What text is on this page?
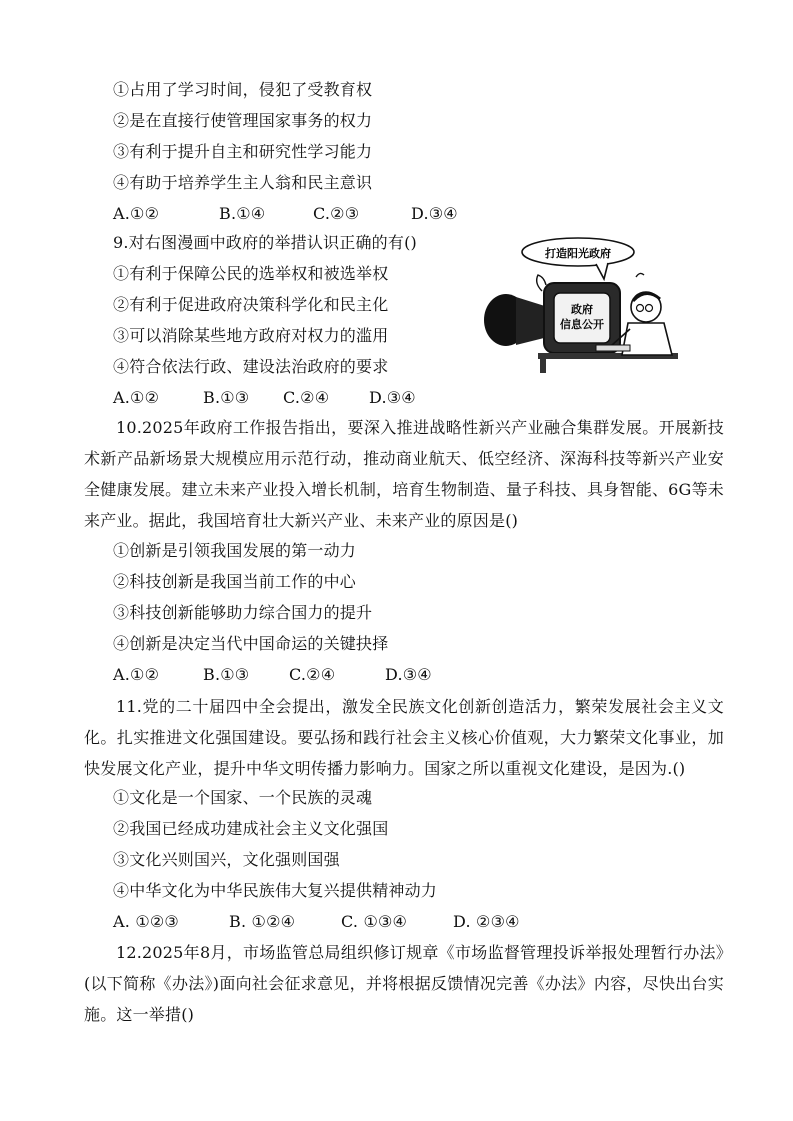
①占用了学习时间，侵犯了受教育权
②是在直接行使管理国家事务的权力
③有利于提升自主和研究性学习能力
④有助于培养学生主人翁和民主意识
A.①②	B.①④	C.②③	D.③④
9.对右图漫画中政府的举措认识正确的有()
①有利于保障公民的选举权和被选举权
②有利于促进政府决策科学化和民主化
③可以消除某些地方政府对权力的滥用
④符合依法行政、建设法治政府的要求
A.①②	B.①③ C.②④ D.③④
打造阳光政府
政府
信息公开
10.2025年政府工作报告指出，要深入推进战略性新兴产业融合集群发展。开展新技术新产品新场景大规模应用示范行动，推动商业航天、低空经济、深海科技等新兴产业安全健康发展。建立未来产业投入增长机制，培育生物制造、量子科技、具身智能、6G等未来产业。据此，我国培育壮大新兴产业、未来产业的原因是()
①创新是引领我国发展的第一动力
②科技创新是我国当前工作的中心
③科技创新能够助力综合国力的提升
④创新是决定当代中国命运的关键抉择
A.①②	B.①③ C.②④	D.③④
11.党的二十届四中全会提出，激发全民族文化创新创造活力，繁荣发展社会主义文化。扎实推进文化强国建设。要弘扬和践行社会主义核心价值观，大力繁荣文化事业，加快发展文化产业，提升中华文明传播力影响力。国家之所以重视文化建设，是因为.()
①文化是一个国家、一个民族的灵魂
②我国已经成功建成社会主义文化强国
③文化兴则国兴，文化强则国强
④中华文化为中华民族伟大复兴提供精神动力
A. ①②③	B. ①②④	C. ①③④	D. ②③④
12.2025年8月，市场监管总局组织修订规章《市场监督管理投诉举报处理暂行办法》(以下简称《办法》)面向社会征求意见，并将根据反馈情况完善《办法》内容，尽快出台实施。这一举措()
